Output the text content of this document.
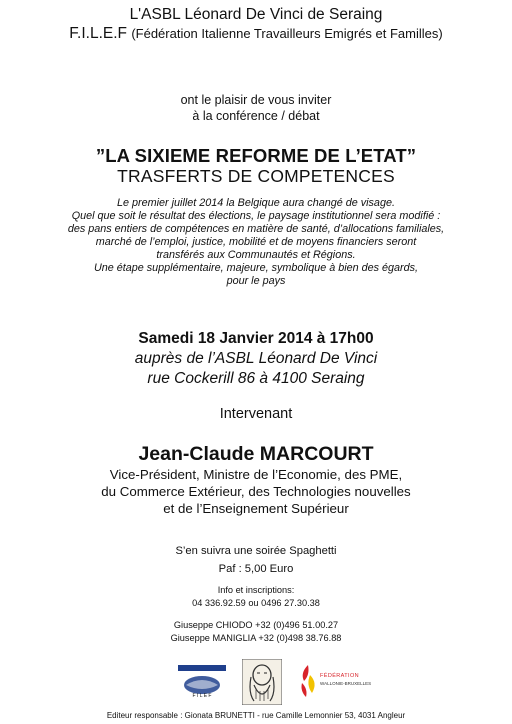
L'ASBL Léonard De Vinci de Seraing
F.I.L.E.F (Fédération Italienne Travailleurs Emigrés et Familles)
ont le plaisir de vous inviter
à la conférence / débat
”LA SIXIEME REFORME DE L’ETAT”
TRASFERTS DE COMPETENCES
Le premier juillet 2014 la Belgique aura changé de visage.
Quel que soit le résultat des élections, le paysage institutionnel sera modifié :
des pans entiers de compétences en matière de santé, d’allocations familiales,
marché de l’emploi, justice, mobilité et de moyens financiers seront
transférés aux Communautés et Régions.
Une étape supplémentaire, majeure, symbolique à bien des égards,
pour le pays
Samedi 18 Janvier 2014 à 17h00
auprès de l’ASBL Léonard De Vinci
rue Cockerill 86 à 4100 Seraing
Intervenant
Jean-Claude MARCOURT
Vice-Président, Ministre de l’Economie, des PME,
du Commerce Extérieur, des Technologies nouvelles
et de l’Enseignement Supérieur
S’en suivra une soirée Spaghetti
Paf : 5,00 Euro
Info et inscriptions:
04 336.92.59 ou 0496 27.30.38
Giuseppe CHIODO +32 (0)496 51.00.27
Giuseppe MANIGLIA +32 (0)498 38.76.88
F I L E F
FÉDÉRATION
WALLONIE-BRUXELLES
Editeur responsable : Gionata BRUNETTI - rue Camille Lemonnier 53, 4031 Angleur
